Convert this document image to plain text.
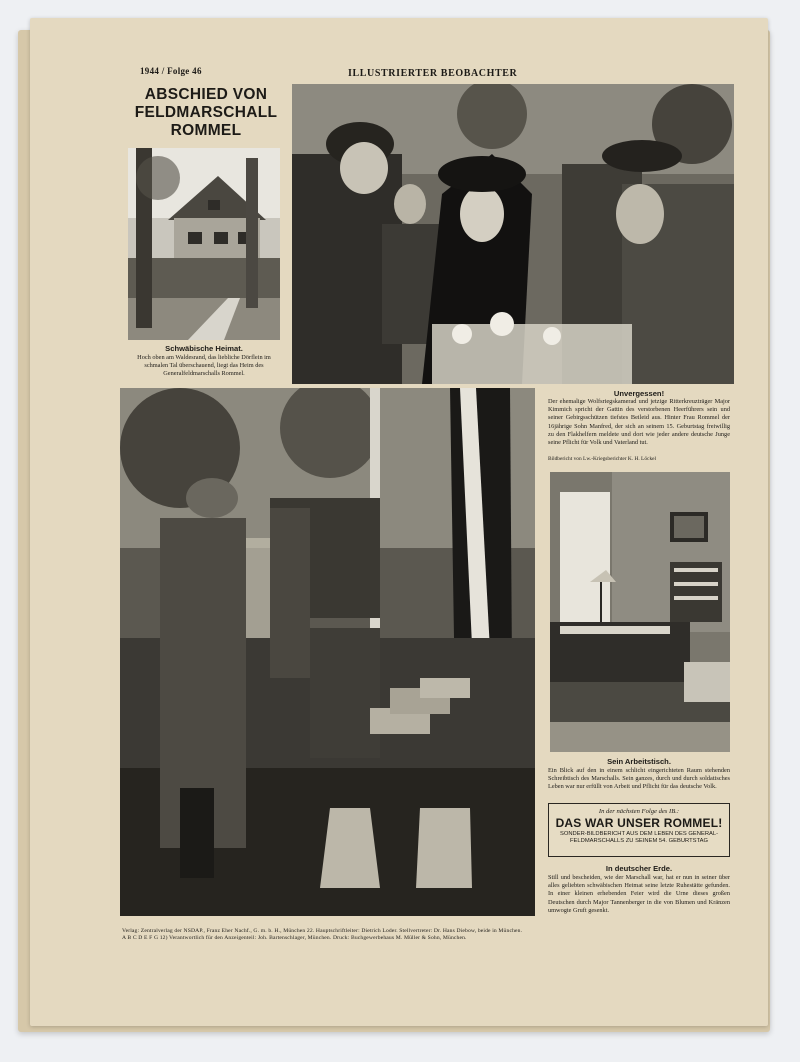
1944 / Folge 46	ILLUSTRIERTER BEOBACHTER
ABSCHIED VON
FELDMARSCHALL
ROMMEL
Schwäbische Heimat.
Hoch oben am Waldesrand, das liebliche Dörflein im schmalen Tal überschauend, liegt das Heim des Generalfeldmarschalls Rommel.
Unvergessen!
Der ehemalige Wolfsriegskamerad und jetzige Ritterkreuzträger Major Kimmich spricht der Gattin des verstorbenen Heerführers sein und seiner Gebirgsschützen tiefstes Beileid aus. Hinter Frau Rommel der 16jährige Sohn Manfred, der sich an seinem 15. Geburtstag freiwillig zu den Flakhelfern meldete und dort wie jeder andere deutsche Junge seine Pflicht für Volk und Vaterland tut.
Bildbericht von Lw.-Kriegsberichter K. H. Löckel
Sein Arbeitstisch.
Ein Blick auf den in einem schlicht eingerichteten Raum stehenden Schreibtisch des Marschalls. Sein ganzes, durch und durch soldatisches Leben war nur erfüllt von Arbeit und Pflicht für das deutsche Volk.
In der nächsten Folge des IB.:
DAS WAR UNSER ROMMEL!
SONDER-BILDBERICHT AUS DEM LEBEN DES GENERAL-
FELDMARSCHALLS ZU SEINEM 54. GEBURTSTAG
In deutscher Erde.
Still und bescheiden, wie der Marschall war, hat er nun in seiner über alles geliebten schwäbischen Heimat seine letzte Ruhestätte gefunden. In einer kleinen erhebenden Feier wird die Urne dieses großen Deutschen durch Major Tannenberger in die von Blumen und Kränzen umwogte Gruft gesenkt.
Verlag: Zentralverlag der NSDAP., Franz Eher Nachf., G. m. b. H., München 22. Hauptschriftleiter: Dietrich Loder. Stellvertreter: Dr. Hans Diebow, beide in München.
A B C D E F G 12) Verantwortlich für den Anzeigenteil: Joh. Bartenschlager, München. Druck: Buchgewerbehaus M. Müller & Sohn, München.
